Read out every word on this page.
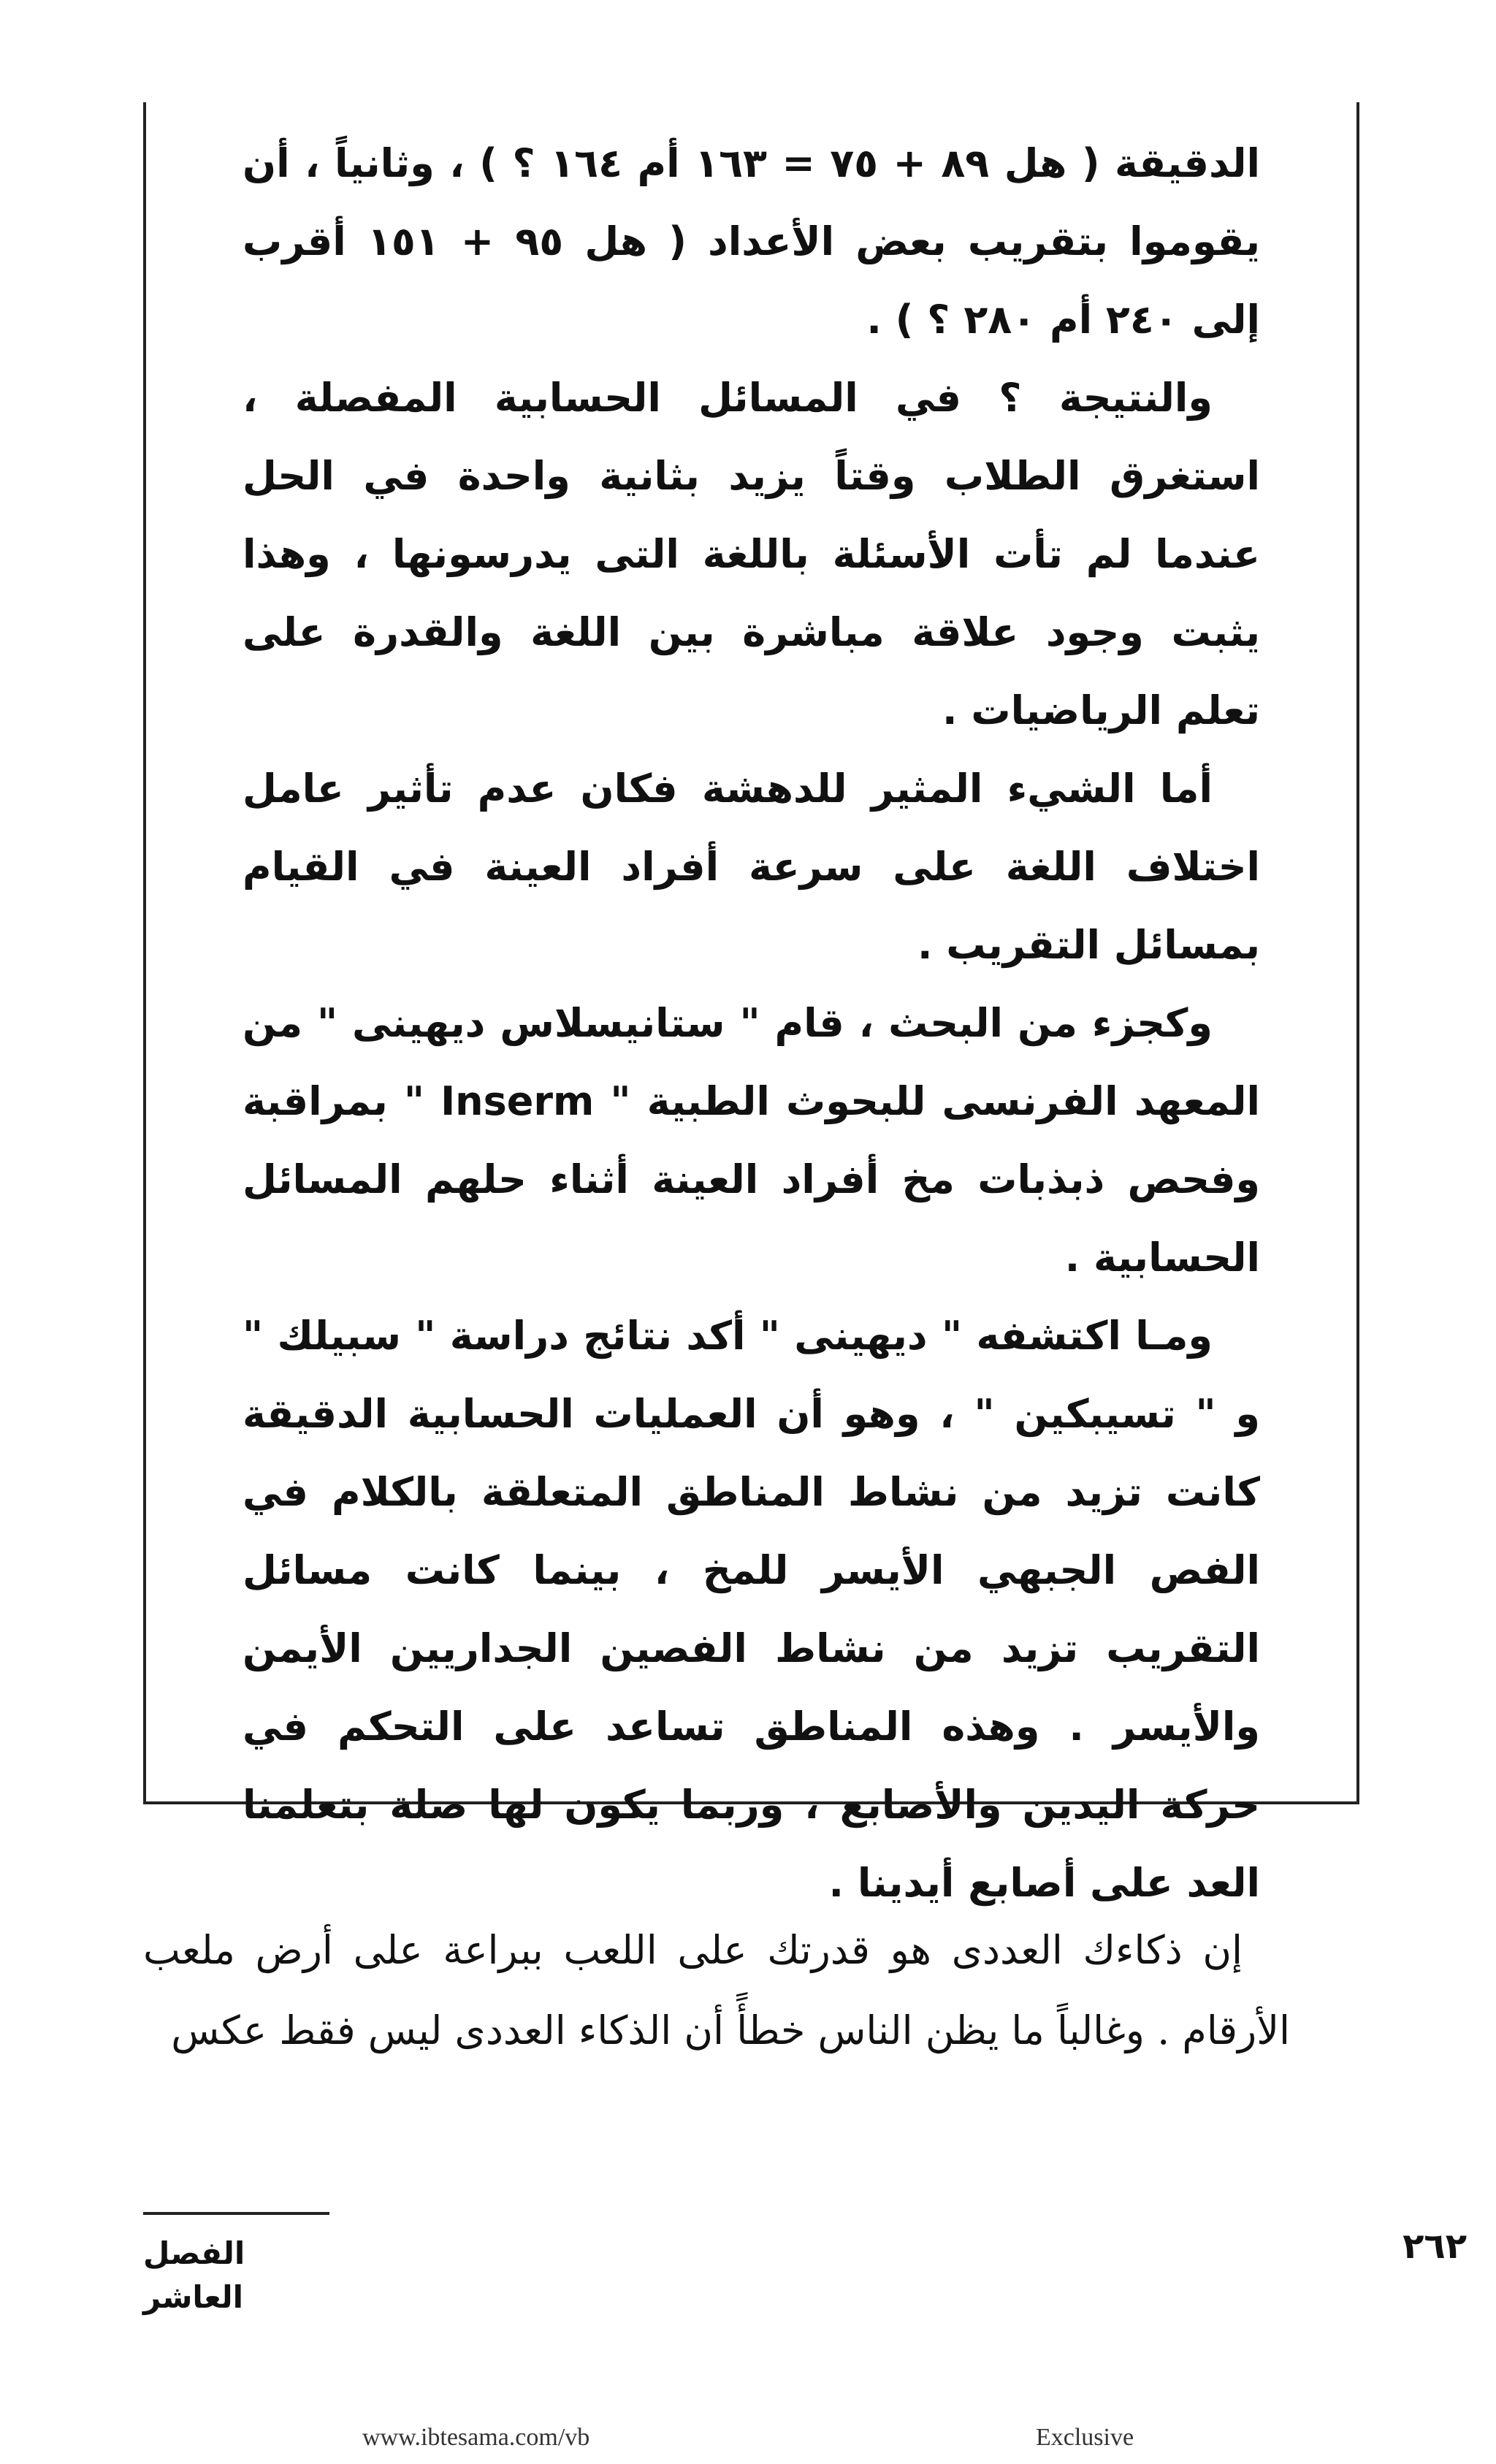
الدقيقة ( هل ٨٩ + ٧٥ = ١٦٣ أم ١٦٤ ؟ ) ، وثانياً ، أن يقوموا بتقريب بعض الأعداد ( هل ٩٥ + ١٥١ أقرب إلى ٢٤٠ أم ٢٨٠ ؟ ) .

والنتيجة ؟ في المسائل الحسابية المفصلة ، استغرق الطلاب وقتاً يزيد بثانية واحدة في الحل عندما لم تأت الأسئلة باللغة التى يدرسونها ، وهذا يثبت وجود علاقة مباشرة بين اللغة والقدرة على تعلم الرياضيات .

أما الشيء المثير للدهشة فكان عدم تأثير عامل اختلاف اللغة على سرعة أفراد العينة في القيام بمسائل التقريب .

وكجزء من البحث ، قام " ستانيسلاس ديهينى " من المعهد الفرنسى للبحوث الطبية " Inserm " بمراقبة وفحص ذبذبات مخ أفراد العينة أثناء حلهم المسائل الحسابية .

ومـا اكتشفه " ديهينى " أكد نتائج دراسة " سبيلك " و " تسيبكين " ، وهو أن العمليات الحسابية الدقيقة كانت تزيد من نشاط المناطق المتعلقة بالكلام في الفص الجبهي الأيسر للمخ ، بينما كانت مسائل التقريب تزيد من نشاط الفصين الجداريين الأيمن والأيسر . وهذه المناطق تساعد على التحكم في حركة اليدين والأصابع ، وربما يكون لها صلة بتعلمنا العد على أصابع أيدينا .

إن ذكاءك العددى هو قدرتك على اللعب ببراعة على أرض ملعب الأرقام . وغالباً ما يظن الناس خطأً أن الذكاء العددى ليس فقط عكس

الفصل العاشر
٢٦٢
www.ibtesama.com/vb	Exclusive
